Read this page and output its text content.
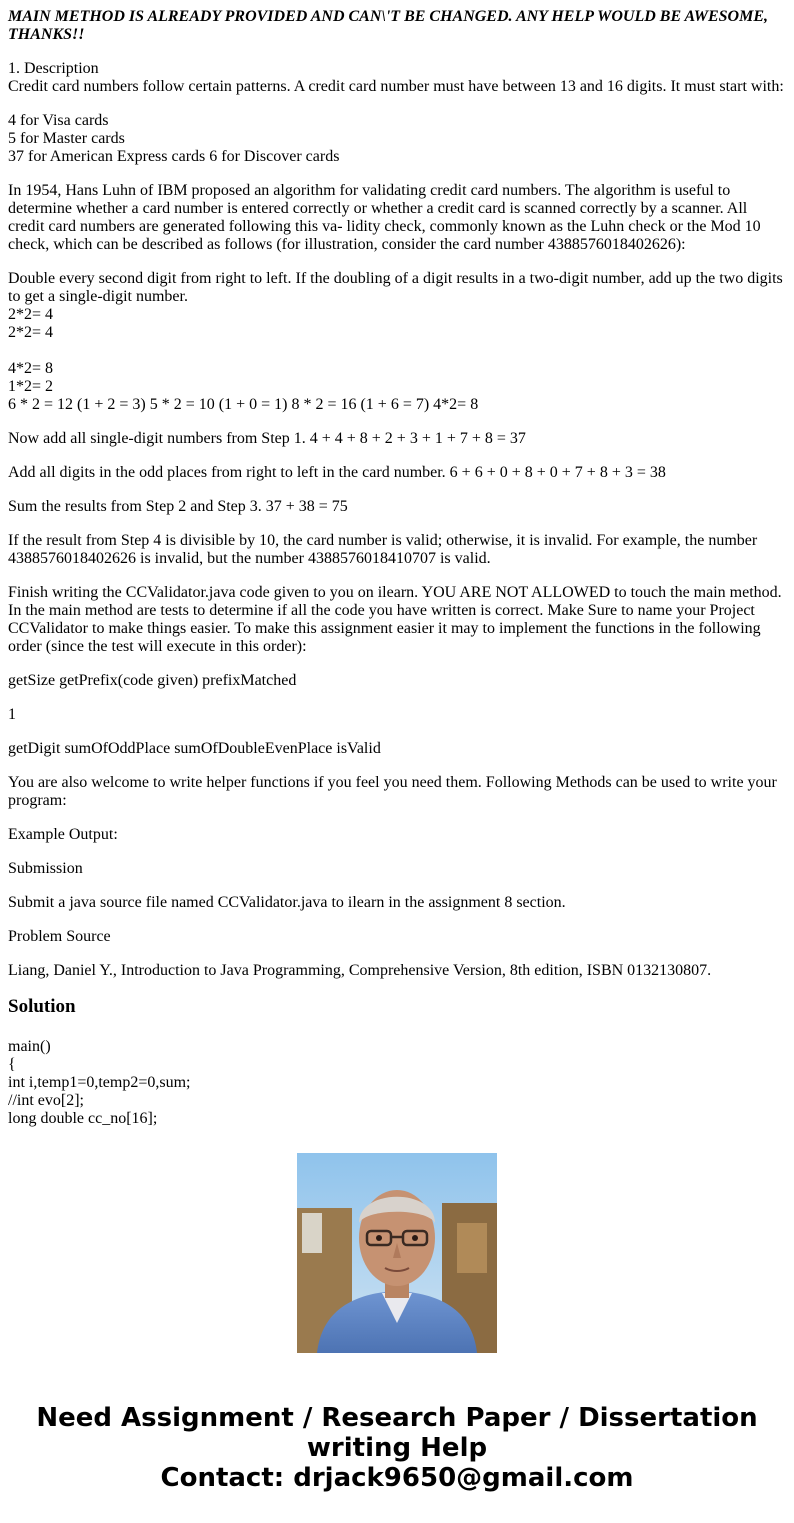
MAIN METHOD IS ALREADY PROVIDED AND CAN\'T BE CHANGED. ANY HELP WOULD BE AWESOME, THANKS!!

1. Description
Credit card numbers follow certain patterns. A credit card number must have between 13 and 16 digits. It must start with:

4 for Visa cards
5 for Master cards
37 for American Express cards 6 for Discover cards

In 1954, Hans Luhn of IBM proposed an algorithm for validating credit card numbers. The algorithm is useful to determine whether a card number is entered correctly or whether a credit card is scanned correctly by a scanner. All credit card numbers are generated following this va- lidity check, commonly known as the Luhn check or the Mod 10 check, which can be described as follows (for illustration, consider the card number 4388576018402626):

Double every second digit from right to left. If the doubling of a digit results in a two-digit number, add up the two digits to get a single-digit number.
2*2= 4
2*2= 4
4*2= 8
1*2= 2
6 * 2 = 12 (1 + 2 = 3) 5 * 2 = 10 (1 + 0 = 1) 8 * 2 = 16 (1 + 6 = 7) 4*2= 8

Now add all single-digit numbers from Step 1. 4 + 4 + 8 + 2 + 3 + 1 + 7 + 8 = 37

Add all digits in the odd places from right to left in the card number. 6 + 6 + 0 + 8 + 0 + 7 + 8 + 3 = 38

Sum the results from Step 2 and Step 3. 37 + 38 = 75

If the result from Step 4 is divisible by 10, the card number is valid; otherwise, it is invalid. For example, the number 4388576018402626 is invalid, but the number 4388576018410707 is valid.

Finish writing the CCValidator.java code given to you on ilearn. YOU ARE NOT ALLOWED to touch the main method. In the main method are tests to determine if all the code you have written is correct. Make Sure to name your Project CCValidator to make things easier. To make this assignment easier it may to implement the functions in the following order (since the test will execute in this order):

getSize getPrefix(code given) prefixMatched

1

getDigit sumOfOddPlace sumOfDoubleEvenPlace isValid

You are also welcome to write helper functions if you feel you need them. Following Methods can be used to write your program:

Example Output:

Submission

Submit a java source file named CCValidator.java to ilearn in the assignment 8 section.

Problem Source

Liang, Daniel Y., Introduction to Java Programming, Comprehensive Version, 8th edition, ISBN 0132130807.

Solution
main()
{
int i,temp1=0,temp2=0,sum;
//int evo[2];
long double cc_no[16];
Need Assignment / Research Paper / Dissertation
writing Help
Contact: drjack9650@gmail.com
